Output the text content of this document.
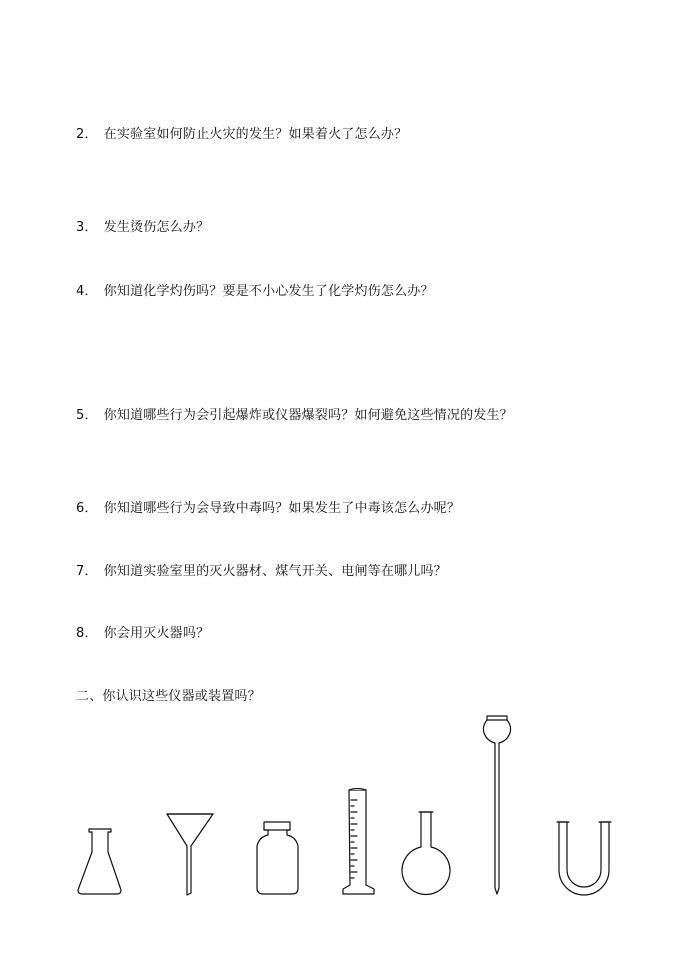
2． 在实验室如何防止火灾的发生？如果着火了怎么办？

3． 发生烫伤怎么办？

4． 你知道化学灼伤吗？要是不小心发生了化学灼伤怎么办？

5． 你知道哪些行为会引起爆炸或仪器爆裂吗？如何避免这些情况的发生？

6． 你知道哪些行为会导致中毒吗？如果发生了中毒该怎么办呢？

7． 你知道实验室里的灭火器材、煤气开关、电闸等在哪儿吗？

8． 你会用灭火器吗？

二、你认识这些仪器或装置吗？
